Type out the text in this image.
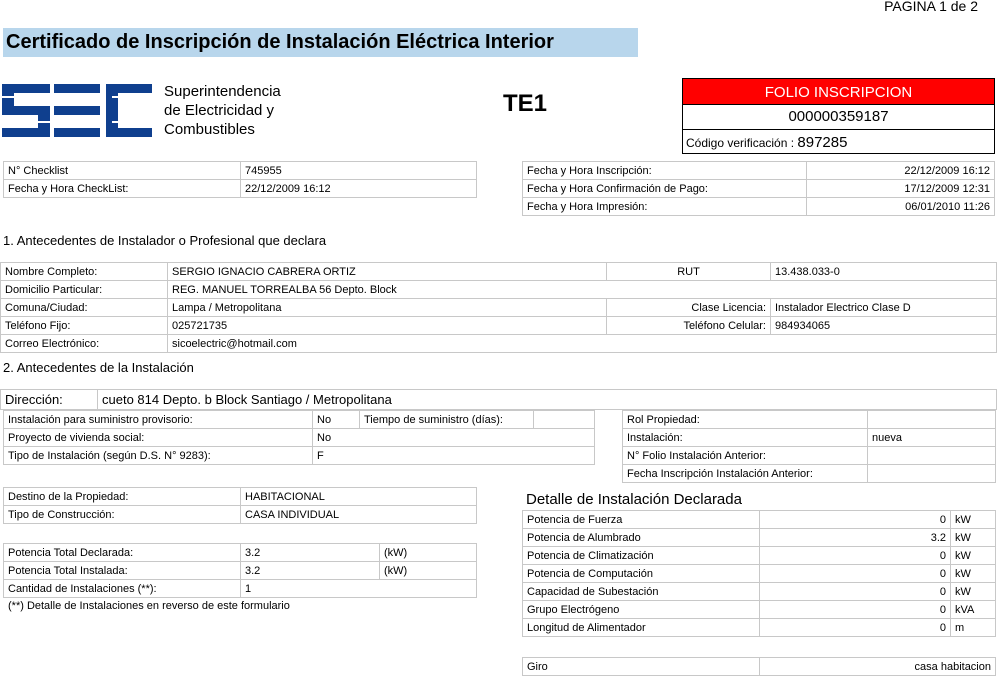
PAGINA 1 de 2
Certificado de Inscripción de Instalación Eléctrica Interior
Superintendencia
de Electricidad y
Combustibles
TE1	FOLIO INSCRIPCION
000000359187
Código verificación : 897285
N° Checklist	745955
Fecha y Hora CheckList:	22/12/2009 16:12
Fecha y Hora Inscripción:	22/12/2009 16:12
Fecha y Hora Confirmación de Pago:	17/12/2009 12:31
Fecha y Hora Impresión:	06/01/2010 11:26
1. Antecedentes de Instalador o Profesional que declara
Nombre Completo:	SERGIO IGNACIO CABRERA ORTIZ	RUT	13.438.033-0
Domicilio Particular:	REG. MANUEL TORREALBA 56 Depto. Block		
Comuna/Ciudad:	Lampa / Metropolitana	Clase Licencia:	Instalador Electrico Clase D
Teléfono Fijo:	025721735	Teléfono Celular:	984934065
Correo Electrónico:	sicoelectric@hotmail.com		
2. Antecedentes de la Instalación
Dirección:	cueto 814 Depto. b Block Santiago / Metropolitana
Instalación para suministro provisorio:	No	Tiempo de suministro (días):	
Proyecto de vivienda social:	No		
Tipo de Instalación (según D.S. N° 9283):	F		
Rol Propiedad:	
Instalación:	nueva
N° Folio Instalación Anterior:	
Fecha Inscripción Instalación Anterior:	
Destino de la Propiedad:	HABITACIONAL
Tipo de Construcción:	CASA INDIVIDUAL
Potencia Total Declarada:	3.2	(kW)
Potencia Total Instalada:	3.2	(kW)
Cantidad de Instalaciones (**):	1	
(**) Detalle de Instalaciones en reverso de este formulario
Detalle de Instalación Declarada
Potencia de Fuerza	0	kW
Potencia de Alumbrado	3.2	kW
Potencia de Climatización	0	kW
Potencia de Computación	0	kW
Capacidad de Subestación	0	kW
Grupo Electrógeno	0	kVA
Longitud de Alimentador	0	m
Giro	casa habitacion
